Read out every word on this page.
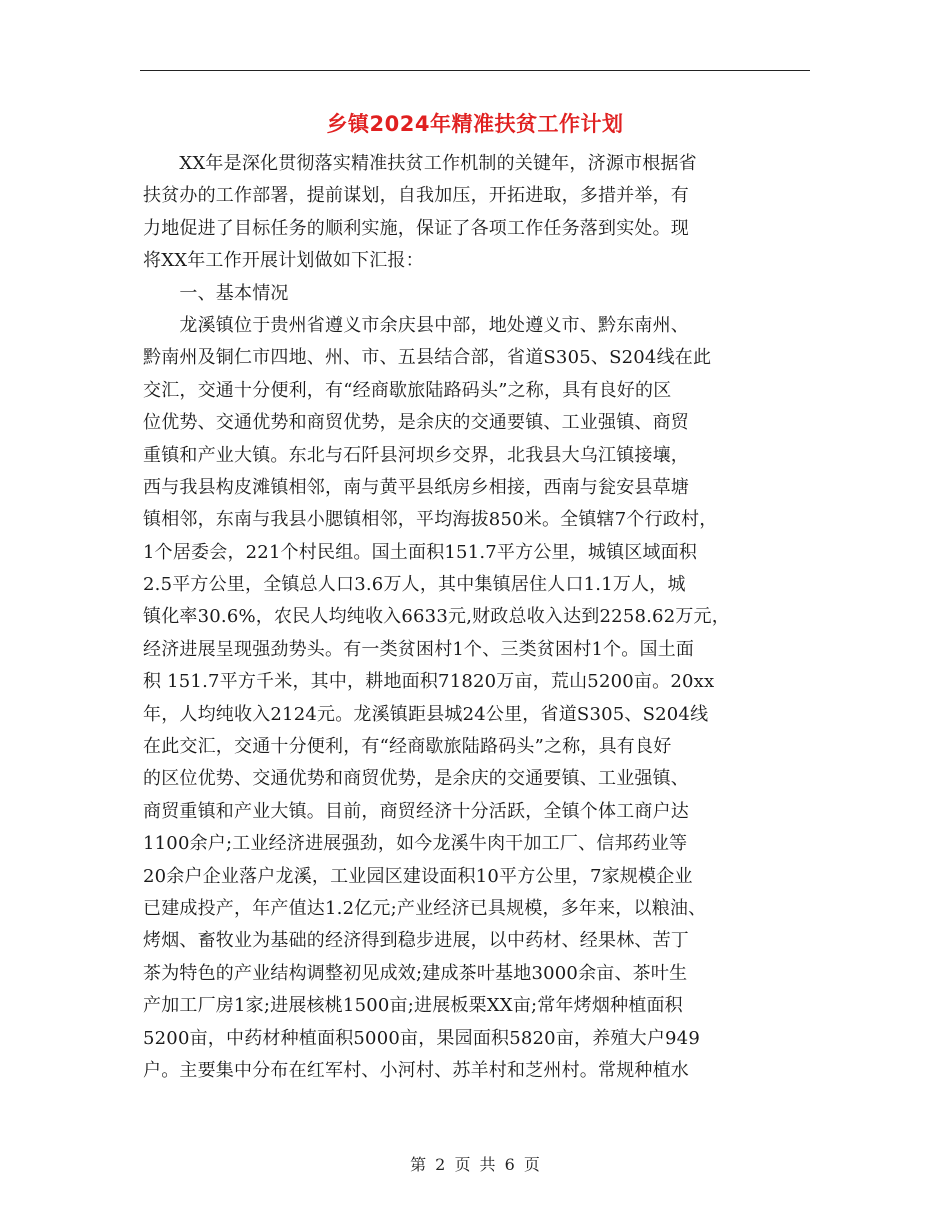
乡镇2024年精准扶贫工作计划
　　XX年是深化贯彻落实精准扶贫工作机制的关键年，济源市根据省
扶贫办的工作部署，提前谋划，自我加压，开拓进取，多措并举，有
力地促进了目标任务的顺利实施，保证了各项工作任务落到实处。现
将XX年工作开展计划做如下汇报：
　　一、基本情况
　　龙溪镇位于贵州省遵义市余庆县中部，地处遵义市、黔东南州、
黔南州及铜仁市四地、州、市、五县结合部，省道S305、S204线在此
交汇，交通十分便利，有“经商歇旅陆路码头”之称，具有良好的区
位优势、交通优势和商贸优势，是余庆的交通要镇、工业强镇、商贸
重镇和产业大镇。东北与石阡县河坝乡交界，北我县大乌江镇接壤，
西与我县构皮滩镇相邻，南与黄平县纸房乡相接，西南与瓮安县草塘
镇相邻，东南与我县小腮镇相邻，平均海拔850米。全镇辖7个行政村，
1个居委会，221个村民组。国土面积151.7平方公里，城镇区域面积
2.5平方公里，全镇总人口3.6万人，其中集镇居住人口1.1万人，城
镇化率30.6%，农民人均纯收入6633元,财政总收入达到2258.62万元，
经济进展呈现强劲势头。有一类贫困村1个、三类贫困村1个。国土面
积 151.7平方千米，其中，耕地面积71820万亩，荒山5200亩。20xx
年，人均纯收入2124元。龙溪镇距县城24公里，省道S305、S204线
在此交汇，交通十分便利，有“经商歇旅陆路码头”之称，具有良好
的区位优势、交通优势和商贸优势，是余庆的交通要镇、工业强镇、
商贸重镇和产业大镇。目前，商贸经济十分活跃，全镇个体工商户达
1100余户;工业经济进展强劲，如今龙溪牛肉干加工厂、信邦药业等
20余户企业落户龙溪，工业园区建设面积10平方公里，7家规模企业
已建成投产，年产值达1.2亿元;产业经济已具规模，多年来，以粮油、
烤烟、畜牧业为基础的经济得到稳步进展，以中药材、经果林、苦丁
茶为特色的产业结构调整初见成效;建成茶叶基地3000余亩、茶叶生
产加工厂房1家;进展核桃1500亩;进展板栗XX亩;常年烤烟种植面积
5200亩，中药材种植面积5000亩，果园面积5820亩，养殖大户949
户。主要集中分布在红军村、小河村、苏羊村和芝州村。常规种植水
第 2 页 共 6 页
